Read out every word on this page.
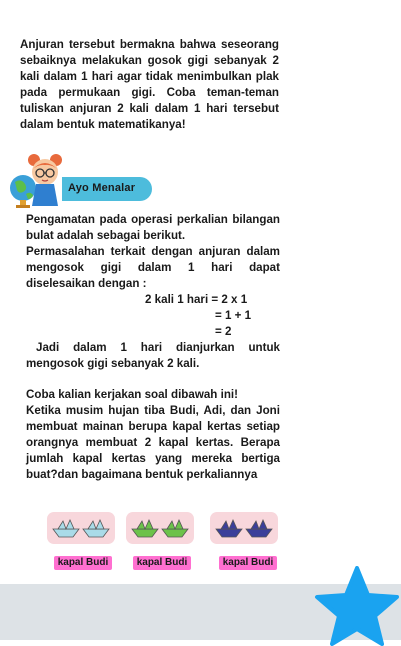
Anjuran tersebut bermakna bahwa seseorang sebaiknya melakukan gosok gigi sebanyak 2 kali dalam 1 hari agar tidak menimbulkan plak pada permukaan gigi. Coba teman-teman tuliskan anjuran 2 kali dalam 1 hari tersebut dalam bentuk matematikanya!

Ayo Menalar

Pengamatan pada operasi perkalian bilangan bulat adalah sebagai berikut.

Permasalahan terkait dengan anjuran dalam mengosok gigi dalam 1 hari dapat diselesaikan dengan :

2 kali 1 hari = 2 x 1
= 1 + 1
= 2

Jadi dalam 1 hari dianjurkan untuk mengosok gigi sebanyak 2 kali.

Coba kalian kerjakan soal dibawah ini!

Ketika musim hujan tiba Budi, Adi, dan Joni membuat mainan berupa kapal kertas setiap orangnya membuat 2 kapal kertas. Berapa jumlah kapal kertas yang mereka bertiga buat?dan bagaimana bentuk perkaliannya

kapal Budi	kapal Budi	kapal Budi
